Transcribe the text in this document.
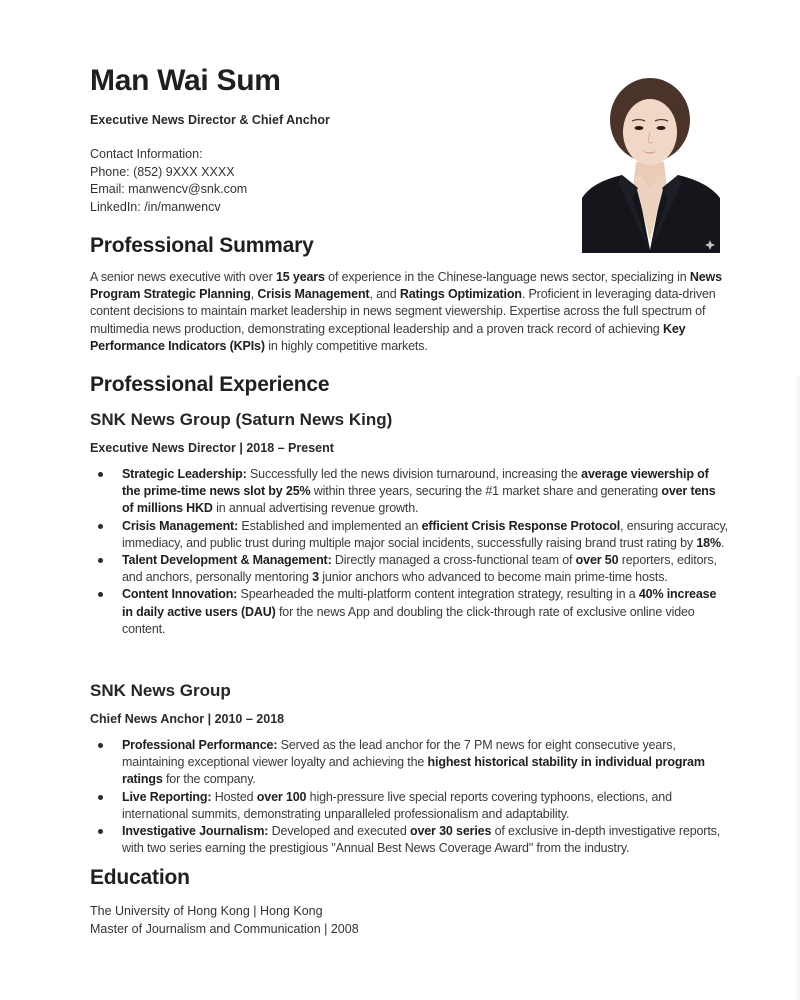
Man Wai Sum

Executive News Director & Chief Anchor

Contact Information:
Phone: (852) 9XXX XXXX
Email: manwencv@snk.com
LinkedIn: /in/manwencv
Professional Summary

A senior news executive with over 15 years of experience in the Chinese-language news sector, specializing in News Program Strategic Planning, Crisis Management, and Ratings Optimization. Proficient in leveraging data-driven content decisions to maintain market leadership in news segment viewership. Expertise across the full spectrum of multimedia news production, demonstrating exceptional leadership and a proven track record of achieving Key Performance Indicators (KPIs) in highly competitive markets.

Professional Experience
SNK News Group (Saturn News King)

Executive News Director | 2018 – Present

Strategic Leadership: Successfully led the news division turnaround, increasing the average viewership of the prime-time news slot by 25% within three years, securing the #1 market share and generating over tens of millions HKD in annual advertising revenue growth.
Crisis Management: Established and implemented an efficient Crisis Response Protocol, ensuring accuracy, immediacy, and public trust during multiple major social incidents, successfully raising brand trust rating by 18%.
Talent Development & Management: Directly managed a cross-functional team of over 50 reporters, editors, and anchors, personally mentoring 3 junior anchors who advanced to become main prime-time hosts.
Content Innovation: Spearheaded the multi-platform content integration strategy, resulting in a 40% increase in daily active users (DAU) for the news App and doubling the click-through rate of exclusive online video content.
SNK News Group

Chief News Anchor | 2010 – 2018

Professional Performance: Served as the lead anchor for the 7 PM news for eight consecutive years, maintaining exceptional viewer loyalty and achieving the highest historical stability in individual program ratings for the company.
Live Reporting: Hosted over 100 high-pressure live special reports covering typhoons, elections, and international summits, demonstrating unparalleled professionalism and adaptability.
Investigative Journalism: Developed and executed over 30 series of exclusive in-depth investigative reports, with two series earning the prestigious "Annual Best News Coverage Award" from the industry.
Education
The University of Hong Kong | Hong Kong
Master of Journalism and Communication | 2008
